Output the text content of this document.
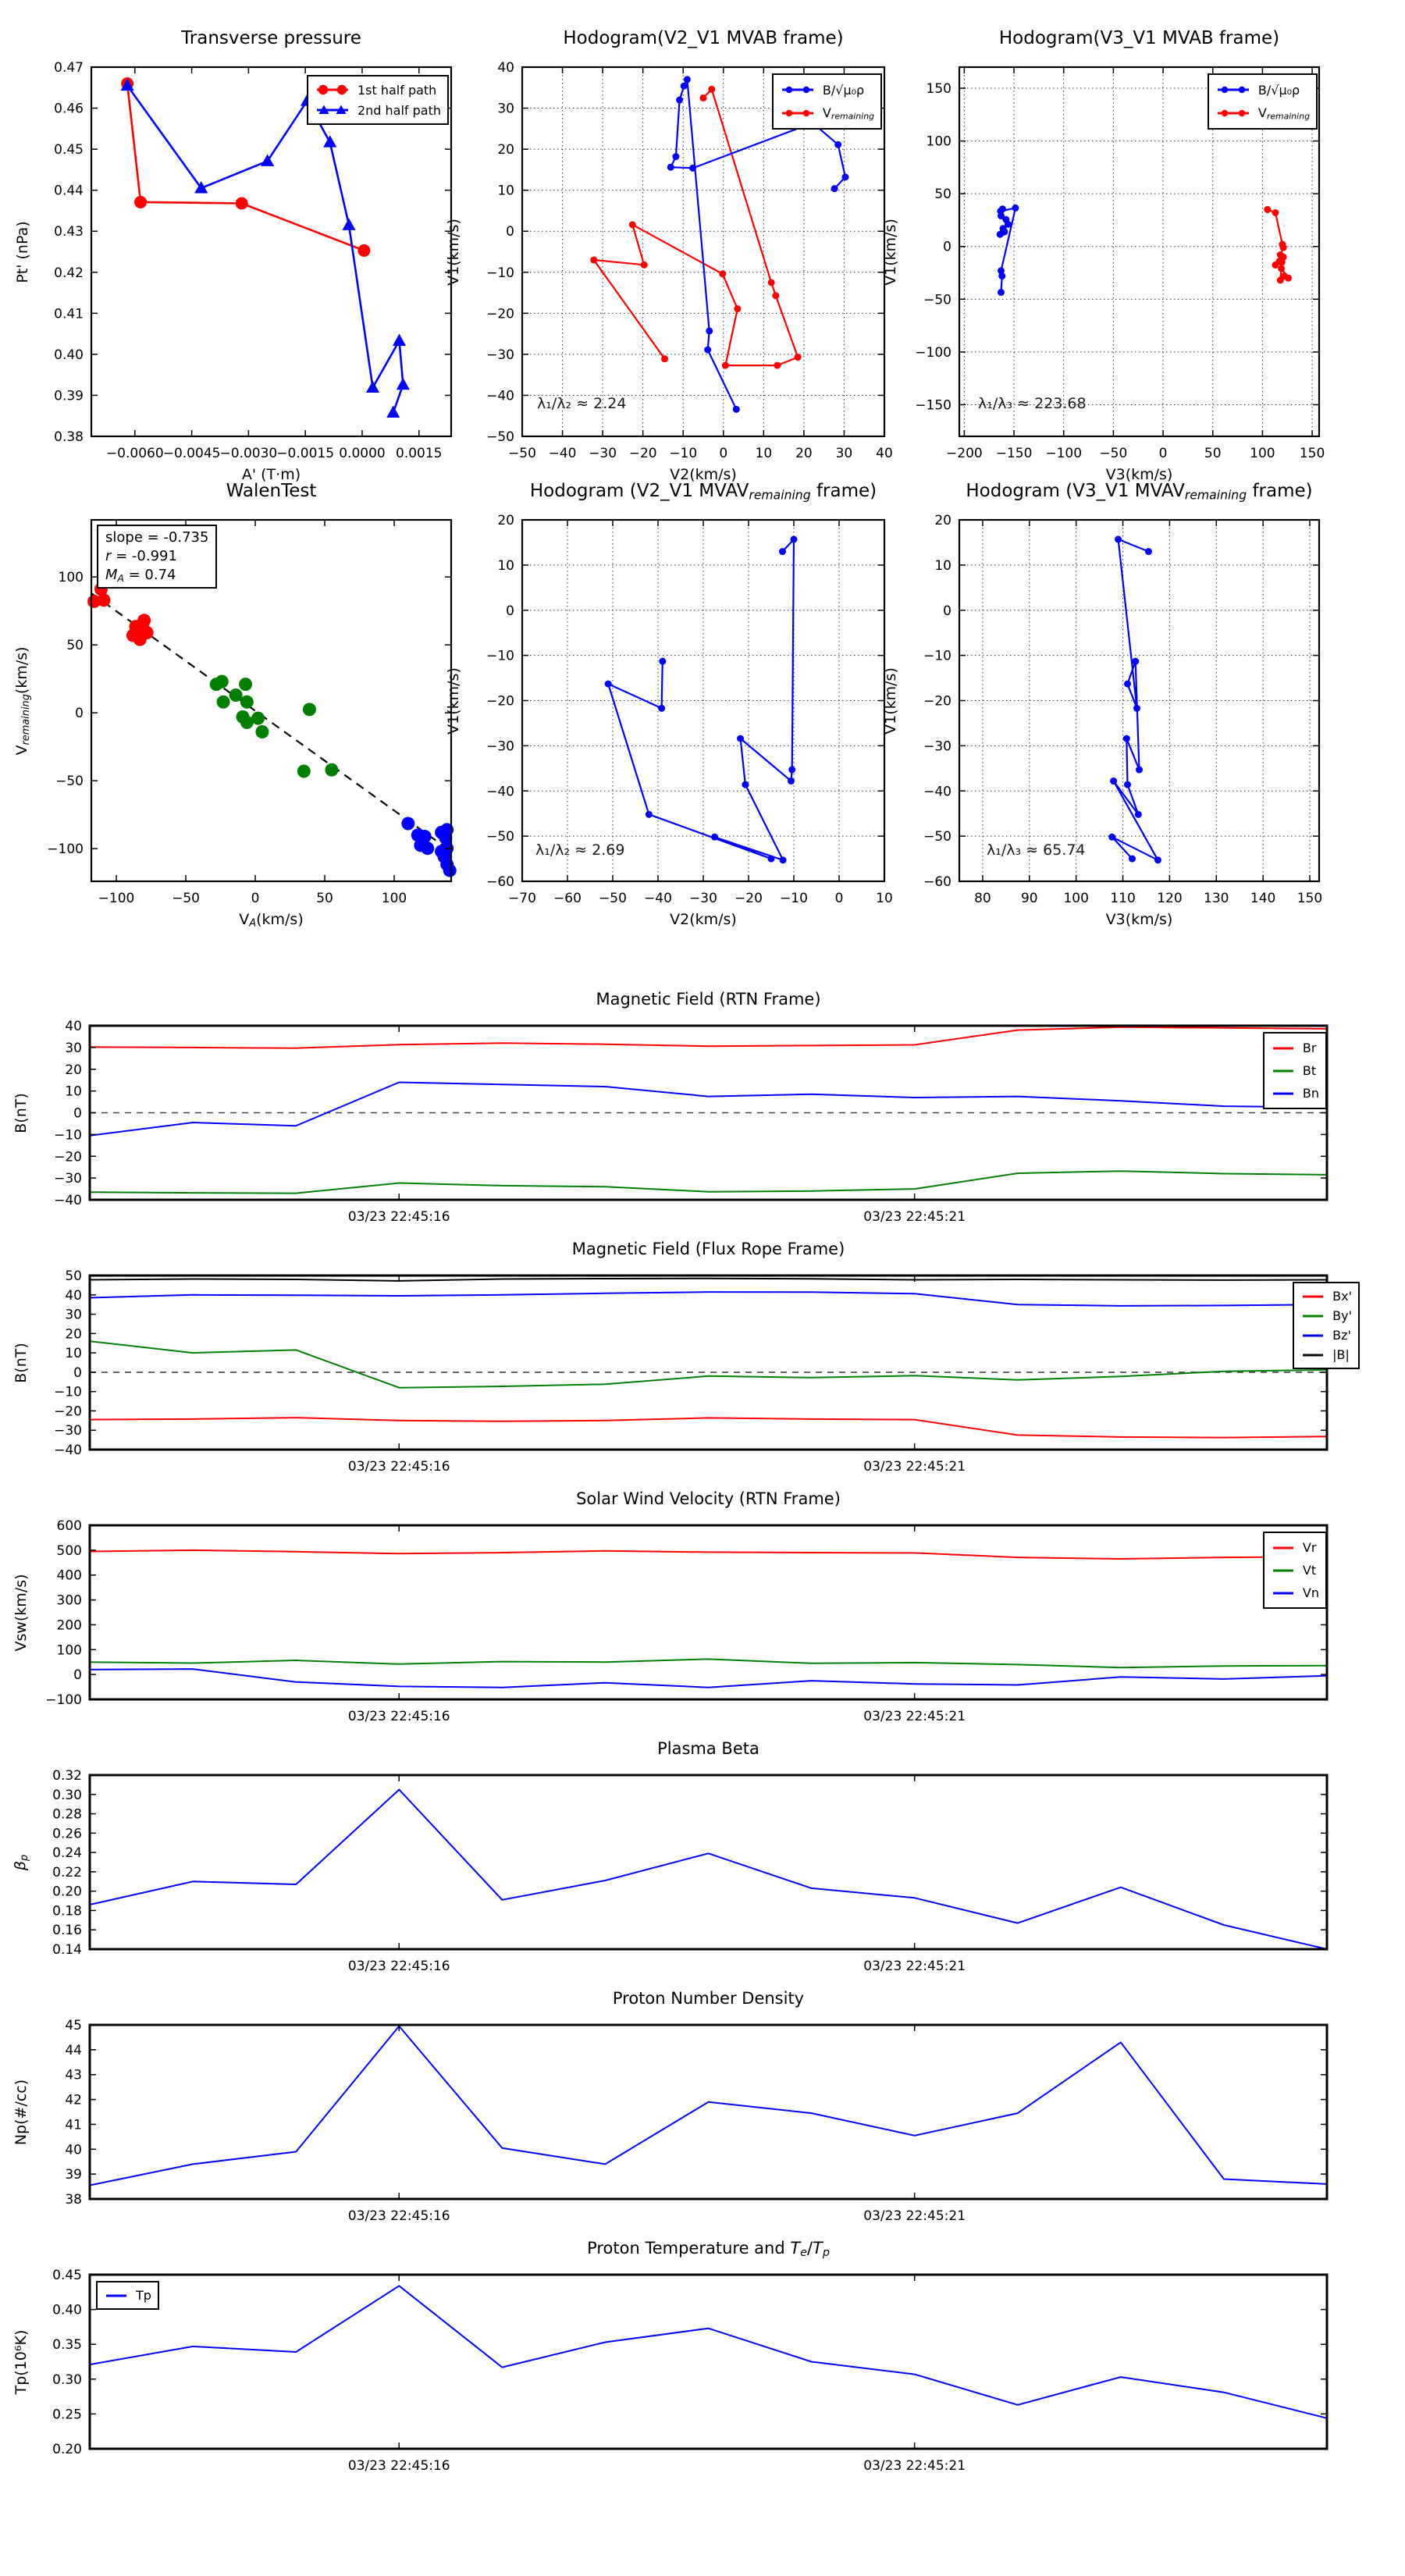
−0.0060 −0.0045 −0.0030 −0.0015 0.0000 0.0015
0.38
0.39
0.40
0.41
0.42
0.43
0.44
0.45
0.46
0.47
Transverse pressure
A' (T·m)
Pt' (nPa)
1st half path
2nd half path
−50 −40 −30 −20 −10 0 10 20 30 40
−50
−40
−30
−20
−10
0
10
20
30
40
Hodogram(V2_V1 MVAB frame)
V2(km/s)
V1(km/s)
B/√μ₀ρ
Vremaining
λ₁/λ₂ ≈ 2.24
−200 −150 −100 −50 0	50 100 150
−150
−100
−50
0
50
100
150
Hodogram(V3_V1 MVAB frame)
V3(km/s)
V1(km/s)
B/√μ₀ρ
Vremaining
λ₁/λ₃ ≈ 223.68
−100	−50	0	50	100
−100
−50
0
50
100
WalenTest
VA(km/s)
Vremaining(km/s)
slope = -0.735
r = -0.991
MA = 0.74
−70 −60 −50 −40 −30 −20 −10 0 10
−60
−50
−40
−30
−20
−10
0
10
20
Hodogram (V2_V1 MVAVremaining frame)
V2(km/s)
V1(km/s)
λ₁/λ₂ ≈ 2.69
80 90 100 110 120 130 140 150
−60
−50
−40
−30
−20
−10
0
10
20
Hodogram (V3_V1 MVAVremaining frame)
V3(km/s)
V1(km/s)
λ₁/λ₃ ≈ 65.74
03/23 22:45:16	03/23 22:45:21
−40
−30
−20
−10
0
10
20
30
40
Magnetic Field (RTN Frame)
B(nT)
Br
Bt
Bn
03/23 22:45:16	03/23 22:45:21
−40
−30
−20
−10
0
10
20
30
40
50
Magnetic Field (Flux Rope Frame)
B(nT)
Bx'
By'
Bz'
|B|
03/23 22:45:16	03/23 22:45:21
−100
0
100
200
300
400
500
600
Solar Wind Velocity (RTN Frame)
Vsw(km/s)
Vr
Vt
Vn
03/23 22:45:16	03/23 22:45:21
0.14
0.16
0.18
0.20
0.22
0.24
0.26
0.28
0.30
0.32
Plasma Beta
βp
03/23 22:45:16	03/23 22:45:21
38
39
40
41
42
43
44
45
Proton Number Density
Np(#/cc)
03/23 22:45:16	03/23 22:45:21
0.20
0.25
0.30
0.35
0.40
0.45
Proton Temperature and Te/Tp
Tp(10⁶K)
Tp
